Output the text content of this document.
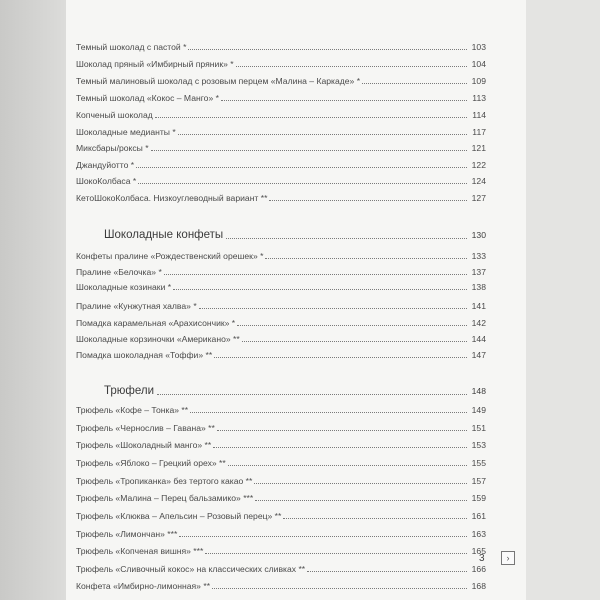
Темный шоколад с пастой *	103
Шоколад пряный «Имбирный пряник» *	104
Темный малиновый шоколад с розовым перцем «Малина – Каркаде» *	109
Темный шоколад «Кокос – Манго» *	113
Копченый шоколад	114
Шоколадные медианты *	117
Миксбары/роксы *	121
Джандуйотто *	122
ШокоКолбаса *	124
КетоШокоКолбаса. Низкоуглеводный вариант **	127
Шоколадные конфеты	130
Конфеты пралине «Рождественский орешек» *	133
Пралине «Белочка» *	137
Шоколадные козинаки *	138
Пралине «Кунжутная халва» *	141
Помадка карамельная «Арахисончик» *	142
Шоколадные корзиночки «Американо» **	144
Помадка шоколадная «Тоффи» **	147
Трюфели	148
Трюфель «Кофе – Тонка» **	149
Трюфель «Чернослив – Гавана» **	151
Трюфель «Шоколадный манго» **	153
Трюфель «Яблоко – Грецкий орех» **	155
Трюфель «Тропиканка» без тертого какао **	157
Трюфель «Малина – Перец бальзамико» ***	159
Трюфель «Клюква – Апельсин – Розовый перец» **	161
Трюфель «Лимончан» ***	163
Трюфель «Копченая вишня» ***	165
Трюфель «Сливочный кокос» на классических сливках **	166
Конфета «Имбирно-лимонная» **	168
3	›
